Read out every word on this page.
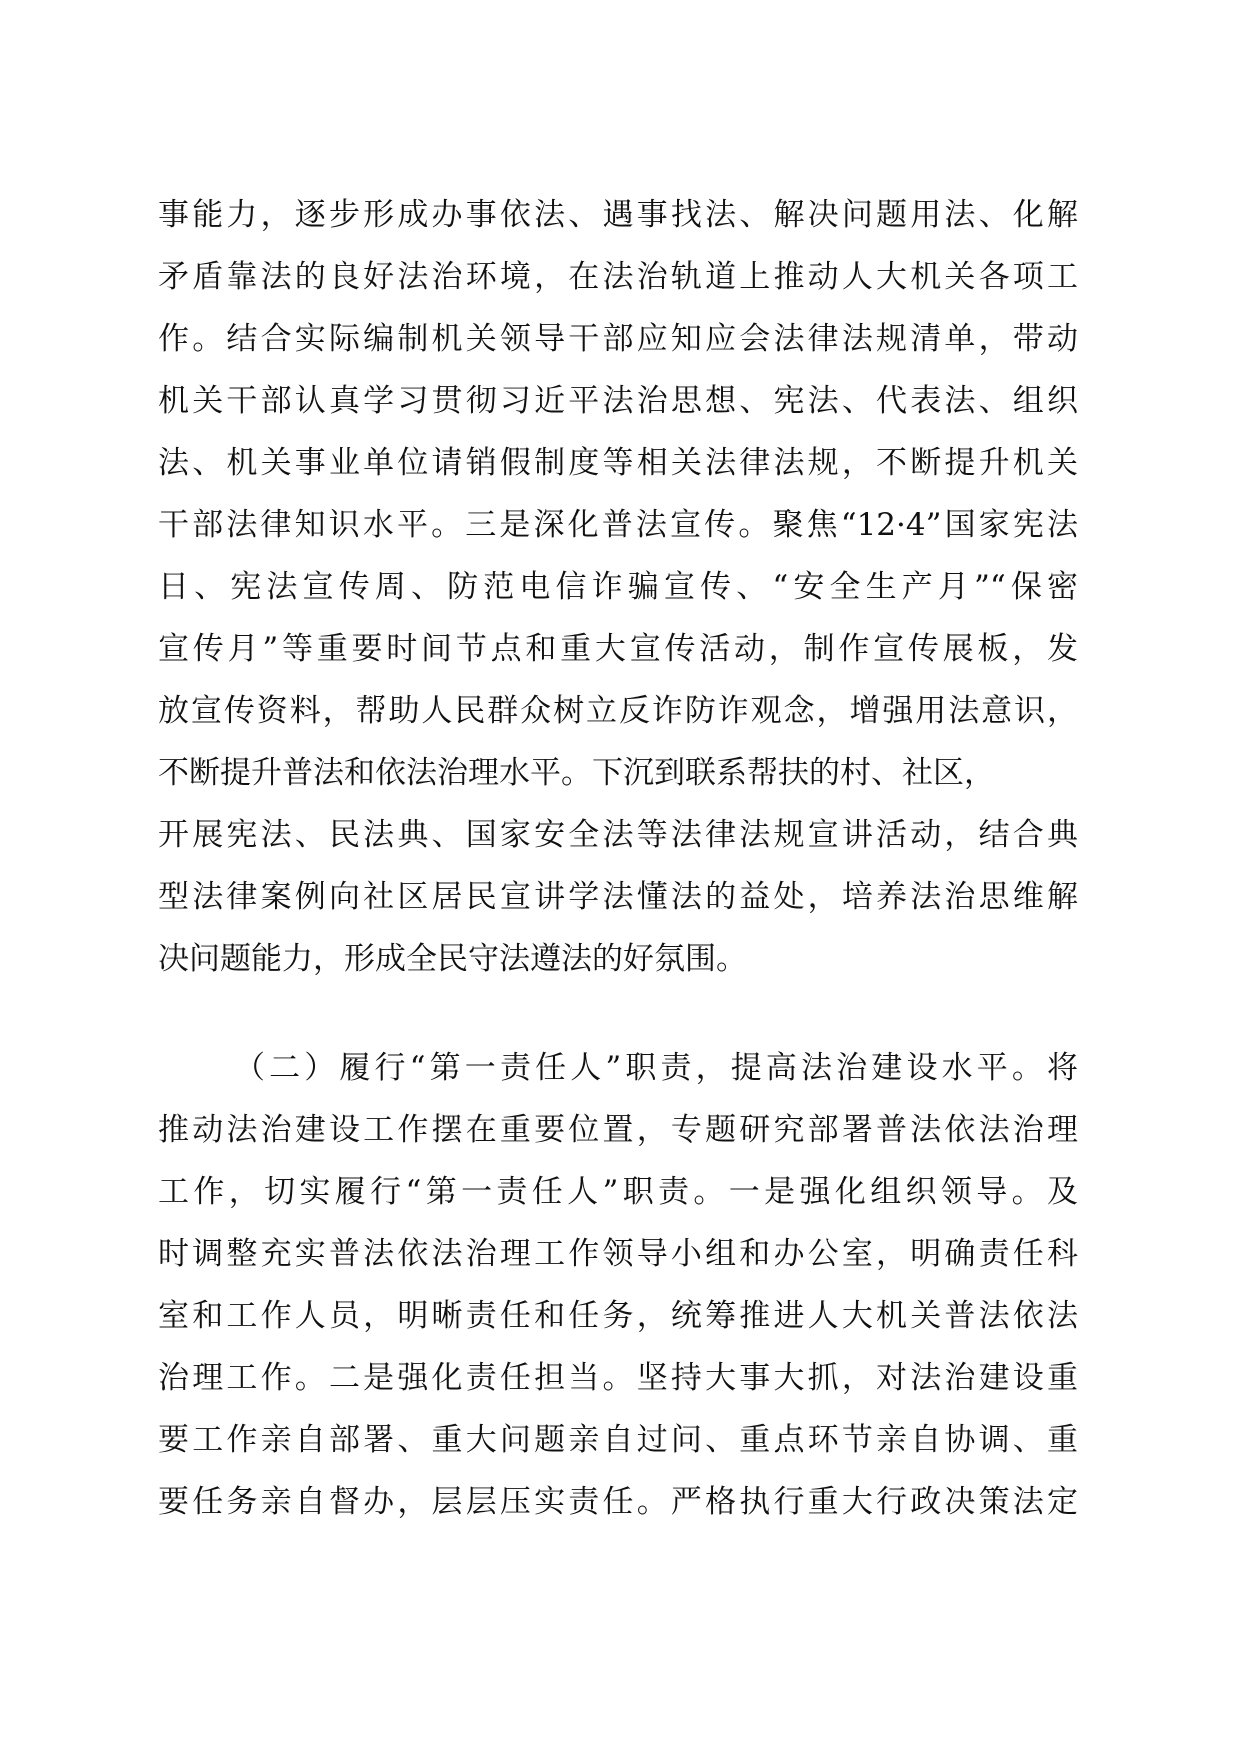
事能力，逐步形成办事依法、遇事找法、解决问题用法、化解
矛盾靠法的良好法治环境，在法治轨道上推动人大机关各项工
作。结合实际编制机关领导干部应知应会法律法规清单，带动
机关干部认真学习贯彻习近平法治思想、宪法、代表法、组织
法、机关事业单位请销假制度等相关法律法规，不断提升机关
干部法律知识水平。三是深化普法宣传。聚焦“12·4”国家宪法
日、宪法宣传周、防范电信诈骗宣传、“安全生产月”“保密
宣传月”等重要时间节点和重大宣传活动，制作宣传展板，发
放宣传资料，帮助人民群众树立反诈防诈观念，增强用法意识，
不断提升普法和依法治理水平。下沉到联系帮扶的村、社区，
开展宪法、民法典、国家安全法等法律法规宣讲活动，结合典
型法律案例向社区居民宣讲学法懂法的益处，培养法治思维解
决问题能力，形成全民守法遵法的好氛围。
（二）履行“第一责任人”职责，提高法治建设水平。将
推动法治建设工作摆在重要位置，专题研究部署普法依法治理
工作，切实履行“第一责任人”职责。一是强化组织领导。及
时调整充实普法依法治理工作领导小组和办公室，明确责任科
室和工作人员，明晰责任和任务，统筹推进人大机关普法依法
治理工作。二是强化责任担当。坚持大事大抓，对法治建设重
要工作亲自部署、重大问题亲自过问、重点环节亲自协调、重
要任务亲自督办，层层压实责任。严格执行重大行政决策法定
